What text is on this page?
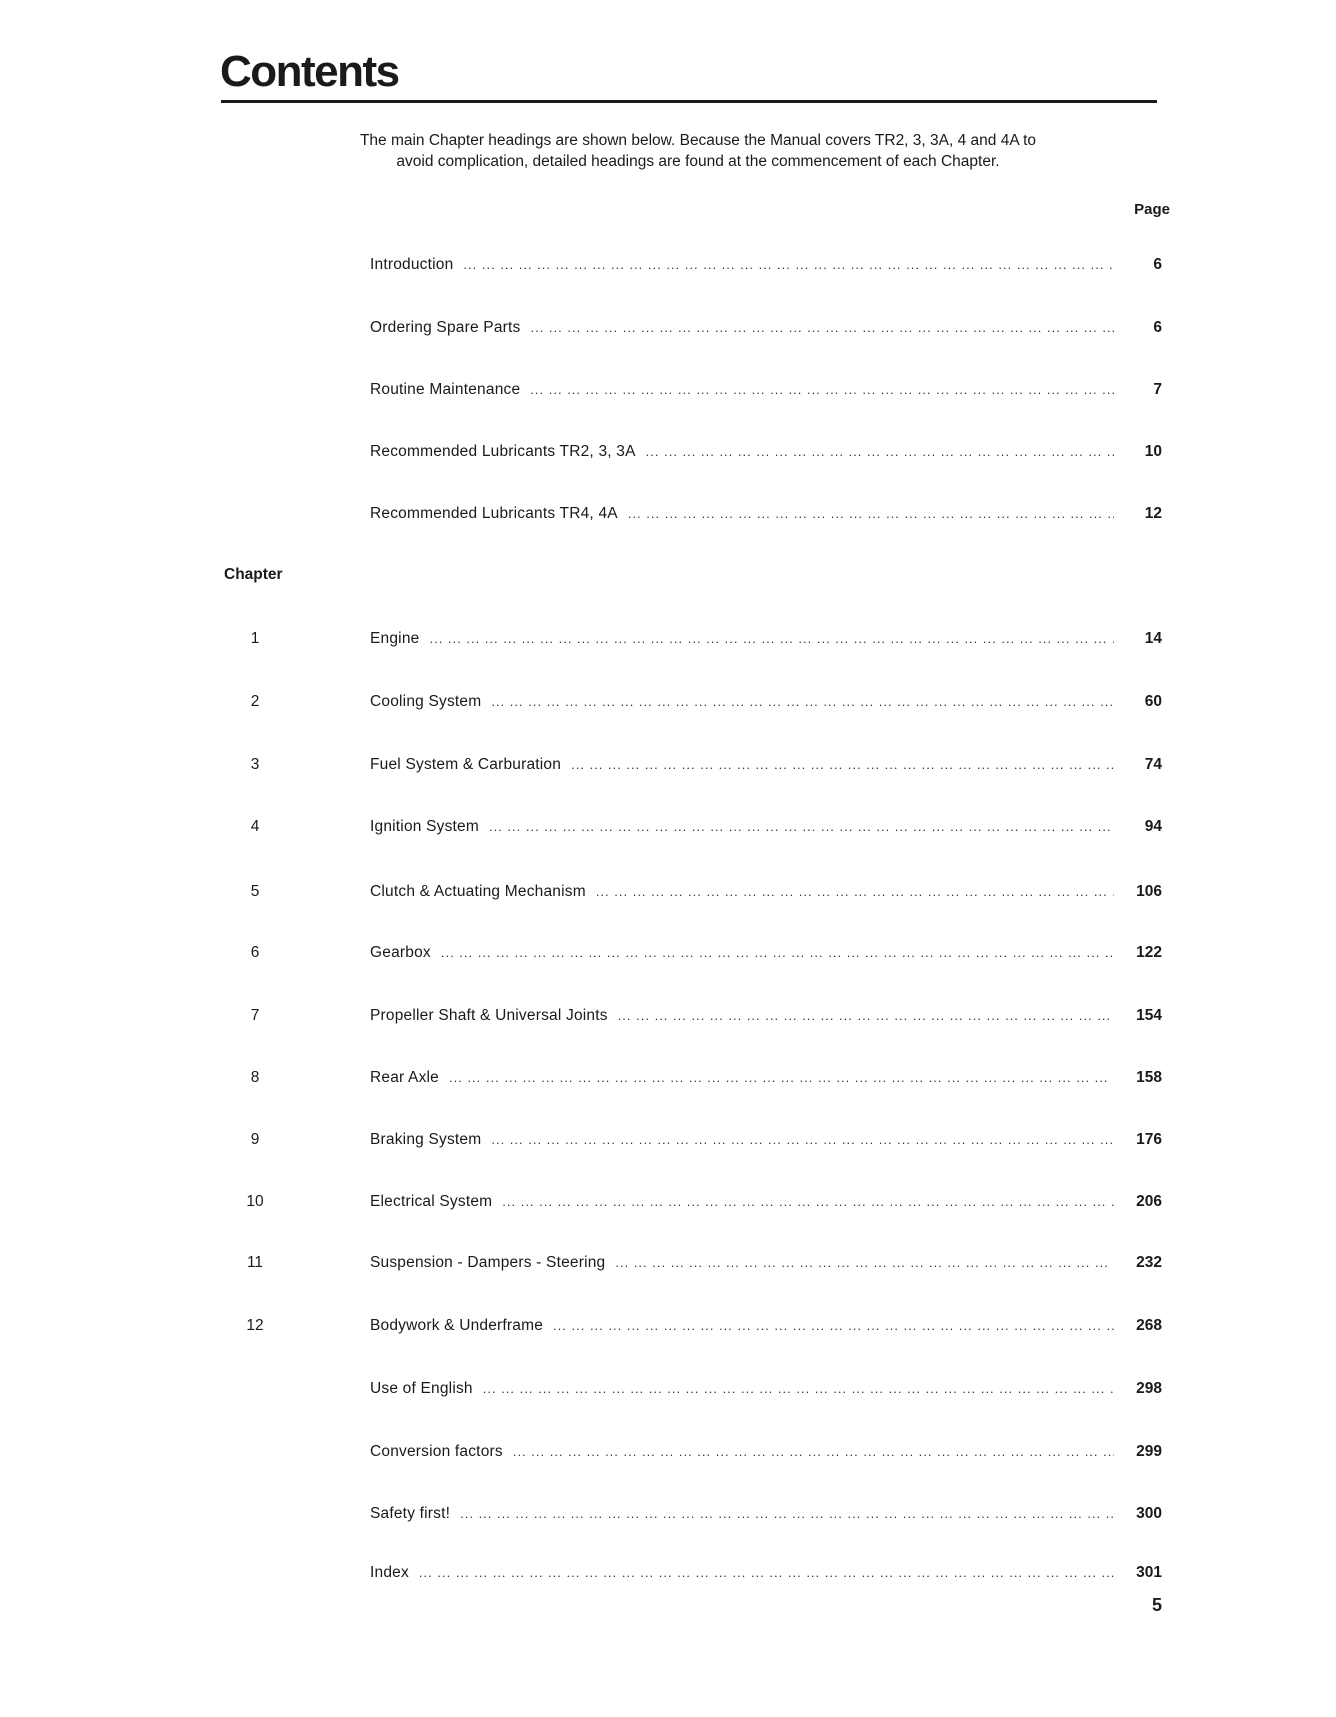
Contents

The main Chapter headings are shown below. Because the Manual covers TR2, 3, 3A, 4 and 4A to
avoid complication, detailed headings are found at the commencement of each Chapter.

Page
Introduction ... .	6
Ordering Spare Parts ... .	6
Routine Maintenance ... .	7
Recommended Lubricants TR2, 3, 3A ... .	10
Recommended Lubricants TR4, 4A ... .	12
Chapter
1	Engine ... .	14
2	Cooling System ... .	60
3	Fuel System & Carburation ... .	74
4	Ignition System ... .	94
5	Clutch & Actuating Mechanism ... .	106
6	Gearbox ... .	122
7	Propeller Shaft & Universal Joints ... .	154
8	Rear Axle ... .	158
9	Braking System ... .	176
10	Electrical System ... .	206
11	Suspension - Dampers - Steering ... .	232
12	Bodywork & Underframe ... .	268
Use of English ... .	298
Conversion factors ... .	299
Safety first! ... .	300
Index ... .	301
5
